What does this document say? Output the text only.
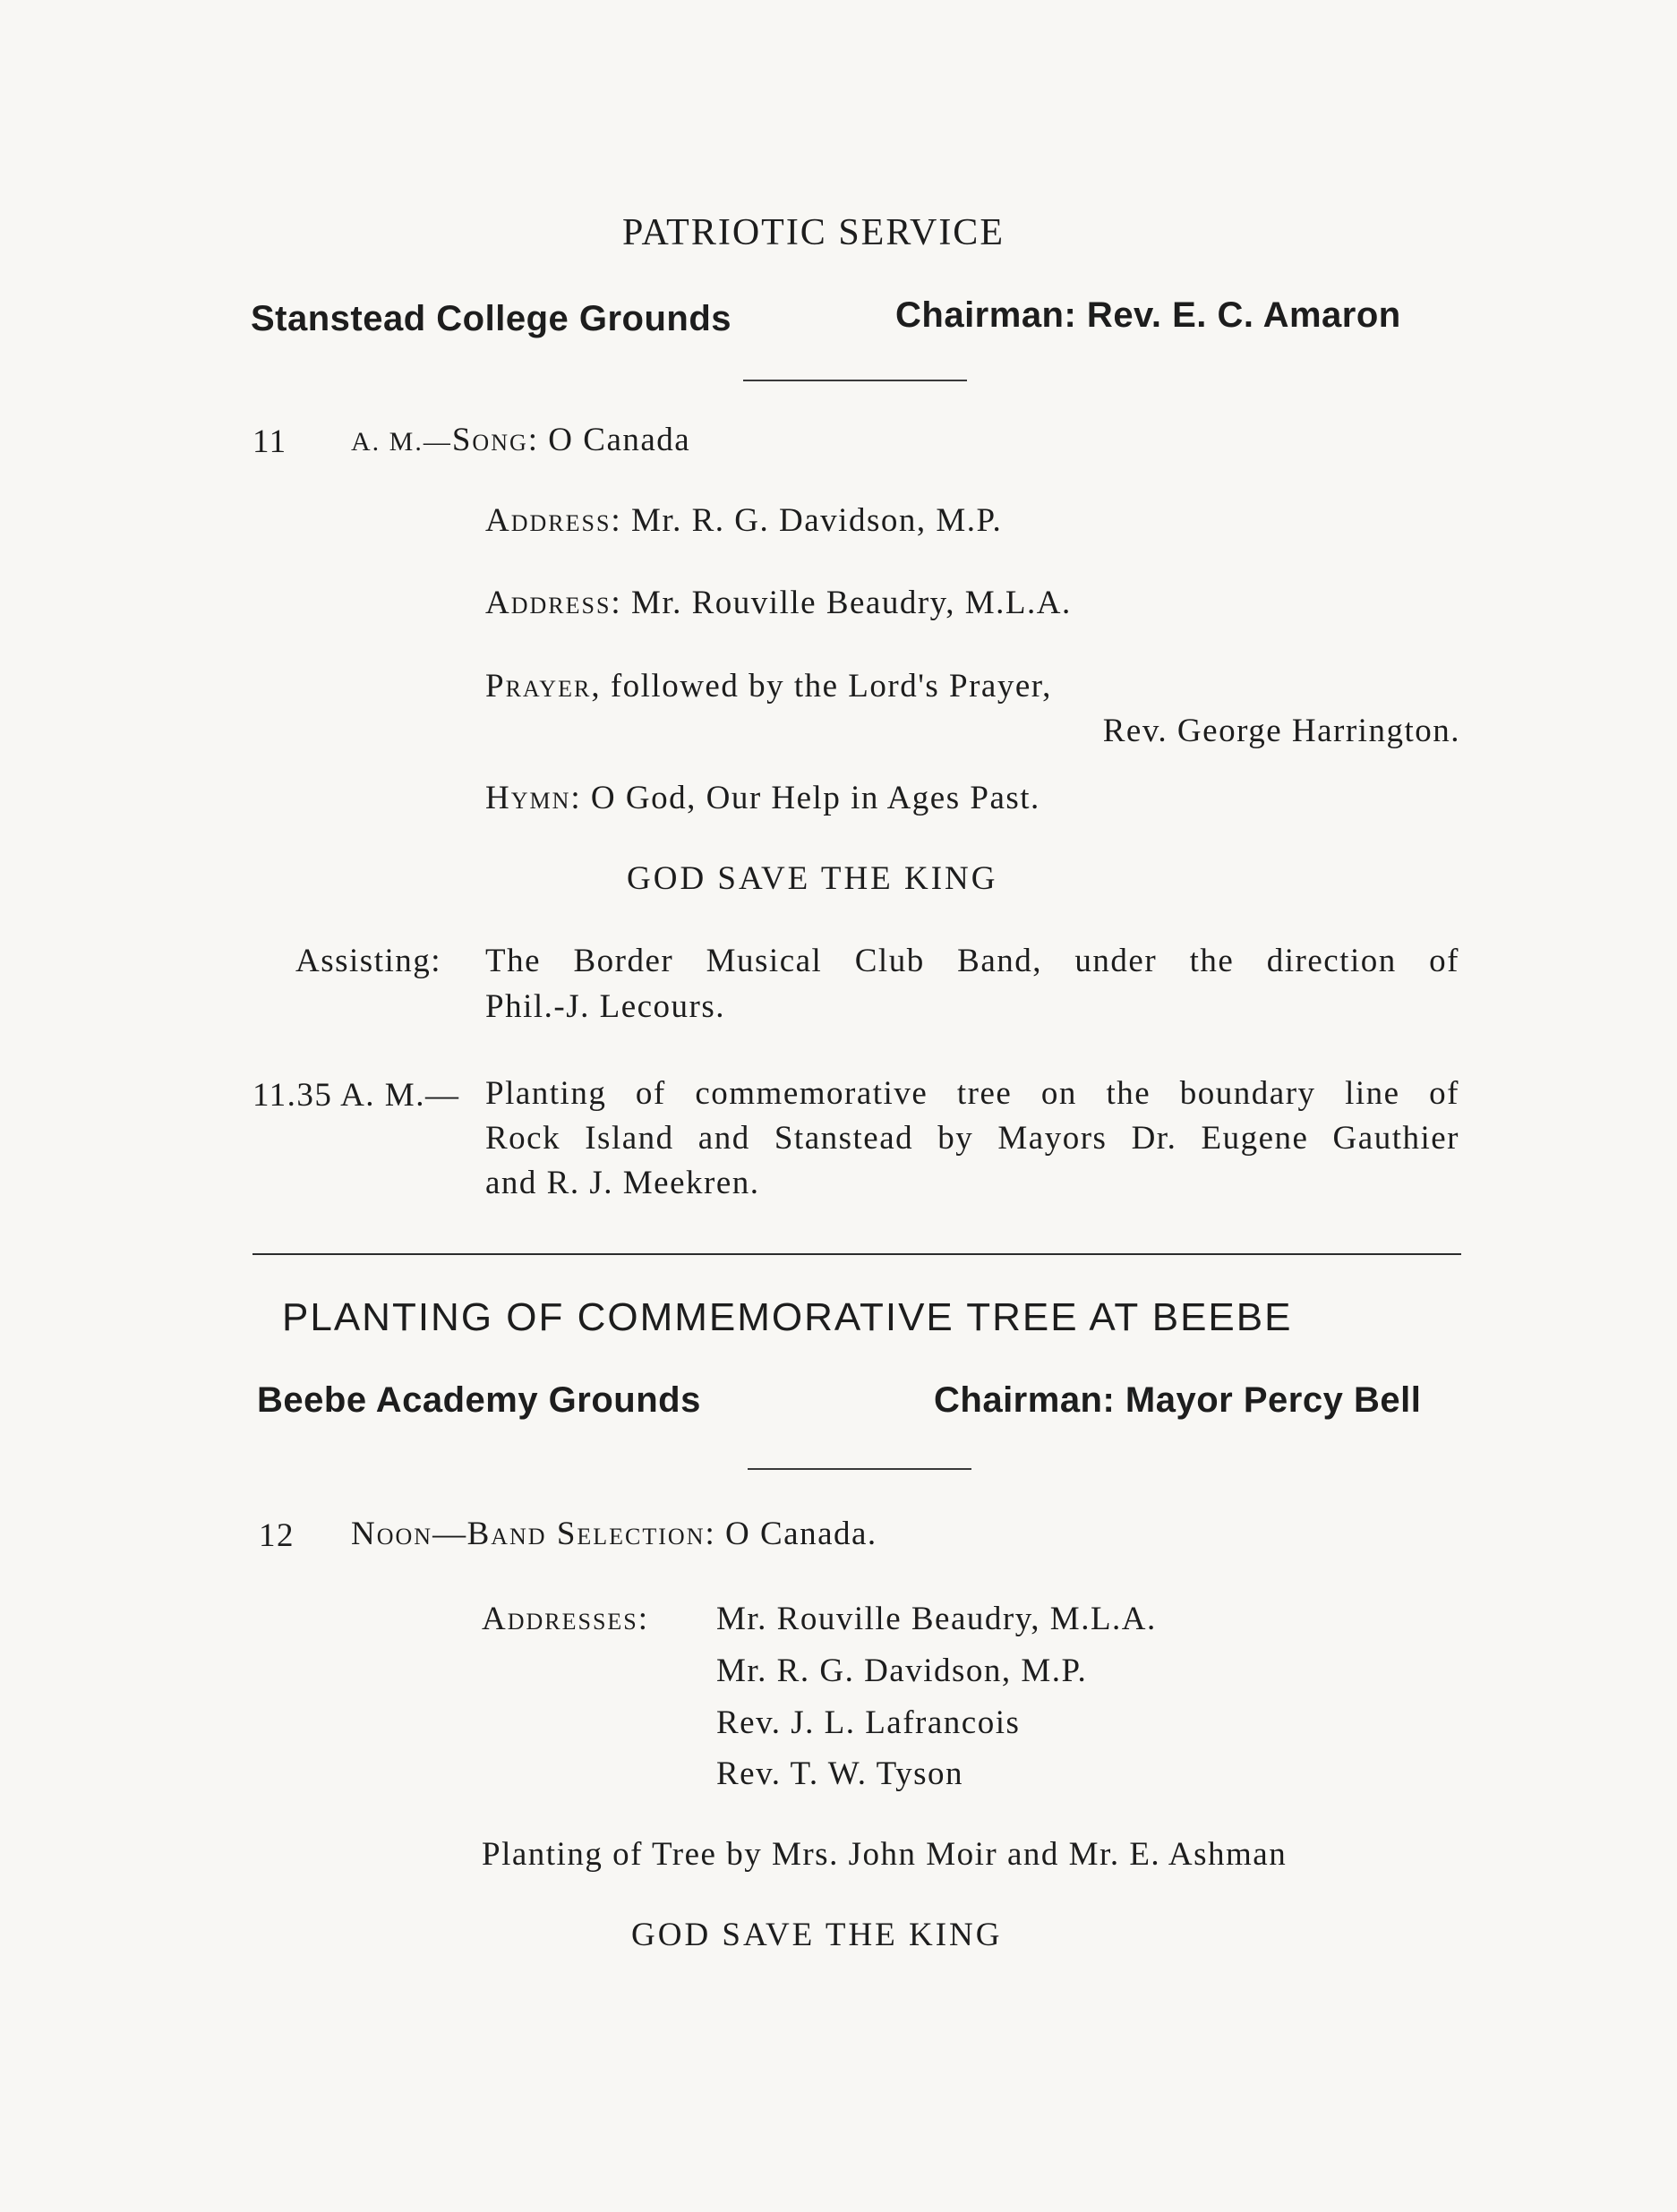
PATRIOTIC SERVICE
Stanstead College Grounds	Chairman: Rev. E. C. Amaron
11 A. M.—Song: O Canada
Address: Mr. R. G. Davidson, M.P.
Address: Mr. Rouville Beaudry, M.L.A.
Prayer, followed by the Lord's Prayer,
Rev. George Harrington.
Hymn: O God, Our Help in Ages Past.
GOD SAVE THE KING
Assisting: The Border Musical Club Band, under the direction of
Phil.-J. Lecours.
11.35 A. M.— Planting of commemorative tree on the boundary line of
Rock Island and Stanstead by Mayors Dr. Eugene Gauthier
and R. J. Meekren.
PLANTING OF COMMEMORATIVE TREE AT BEEBE
Beebe Academy Grounds	Chairman: Mayor Percy Bell
12 Noon—Band Selection: O Canada.
Addresses: Mr. Rouville Beaudry, M.L.A.
Mr. R. G. Davidson, M.P.
Rev. J. L. Lafrancois
Rev. T. W. Tyson
Planting of Tree by Mrs. John Moir and Mr. E. Ashman
GOD SAVE THE KING
